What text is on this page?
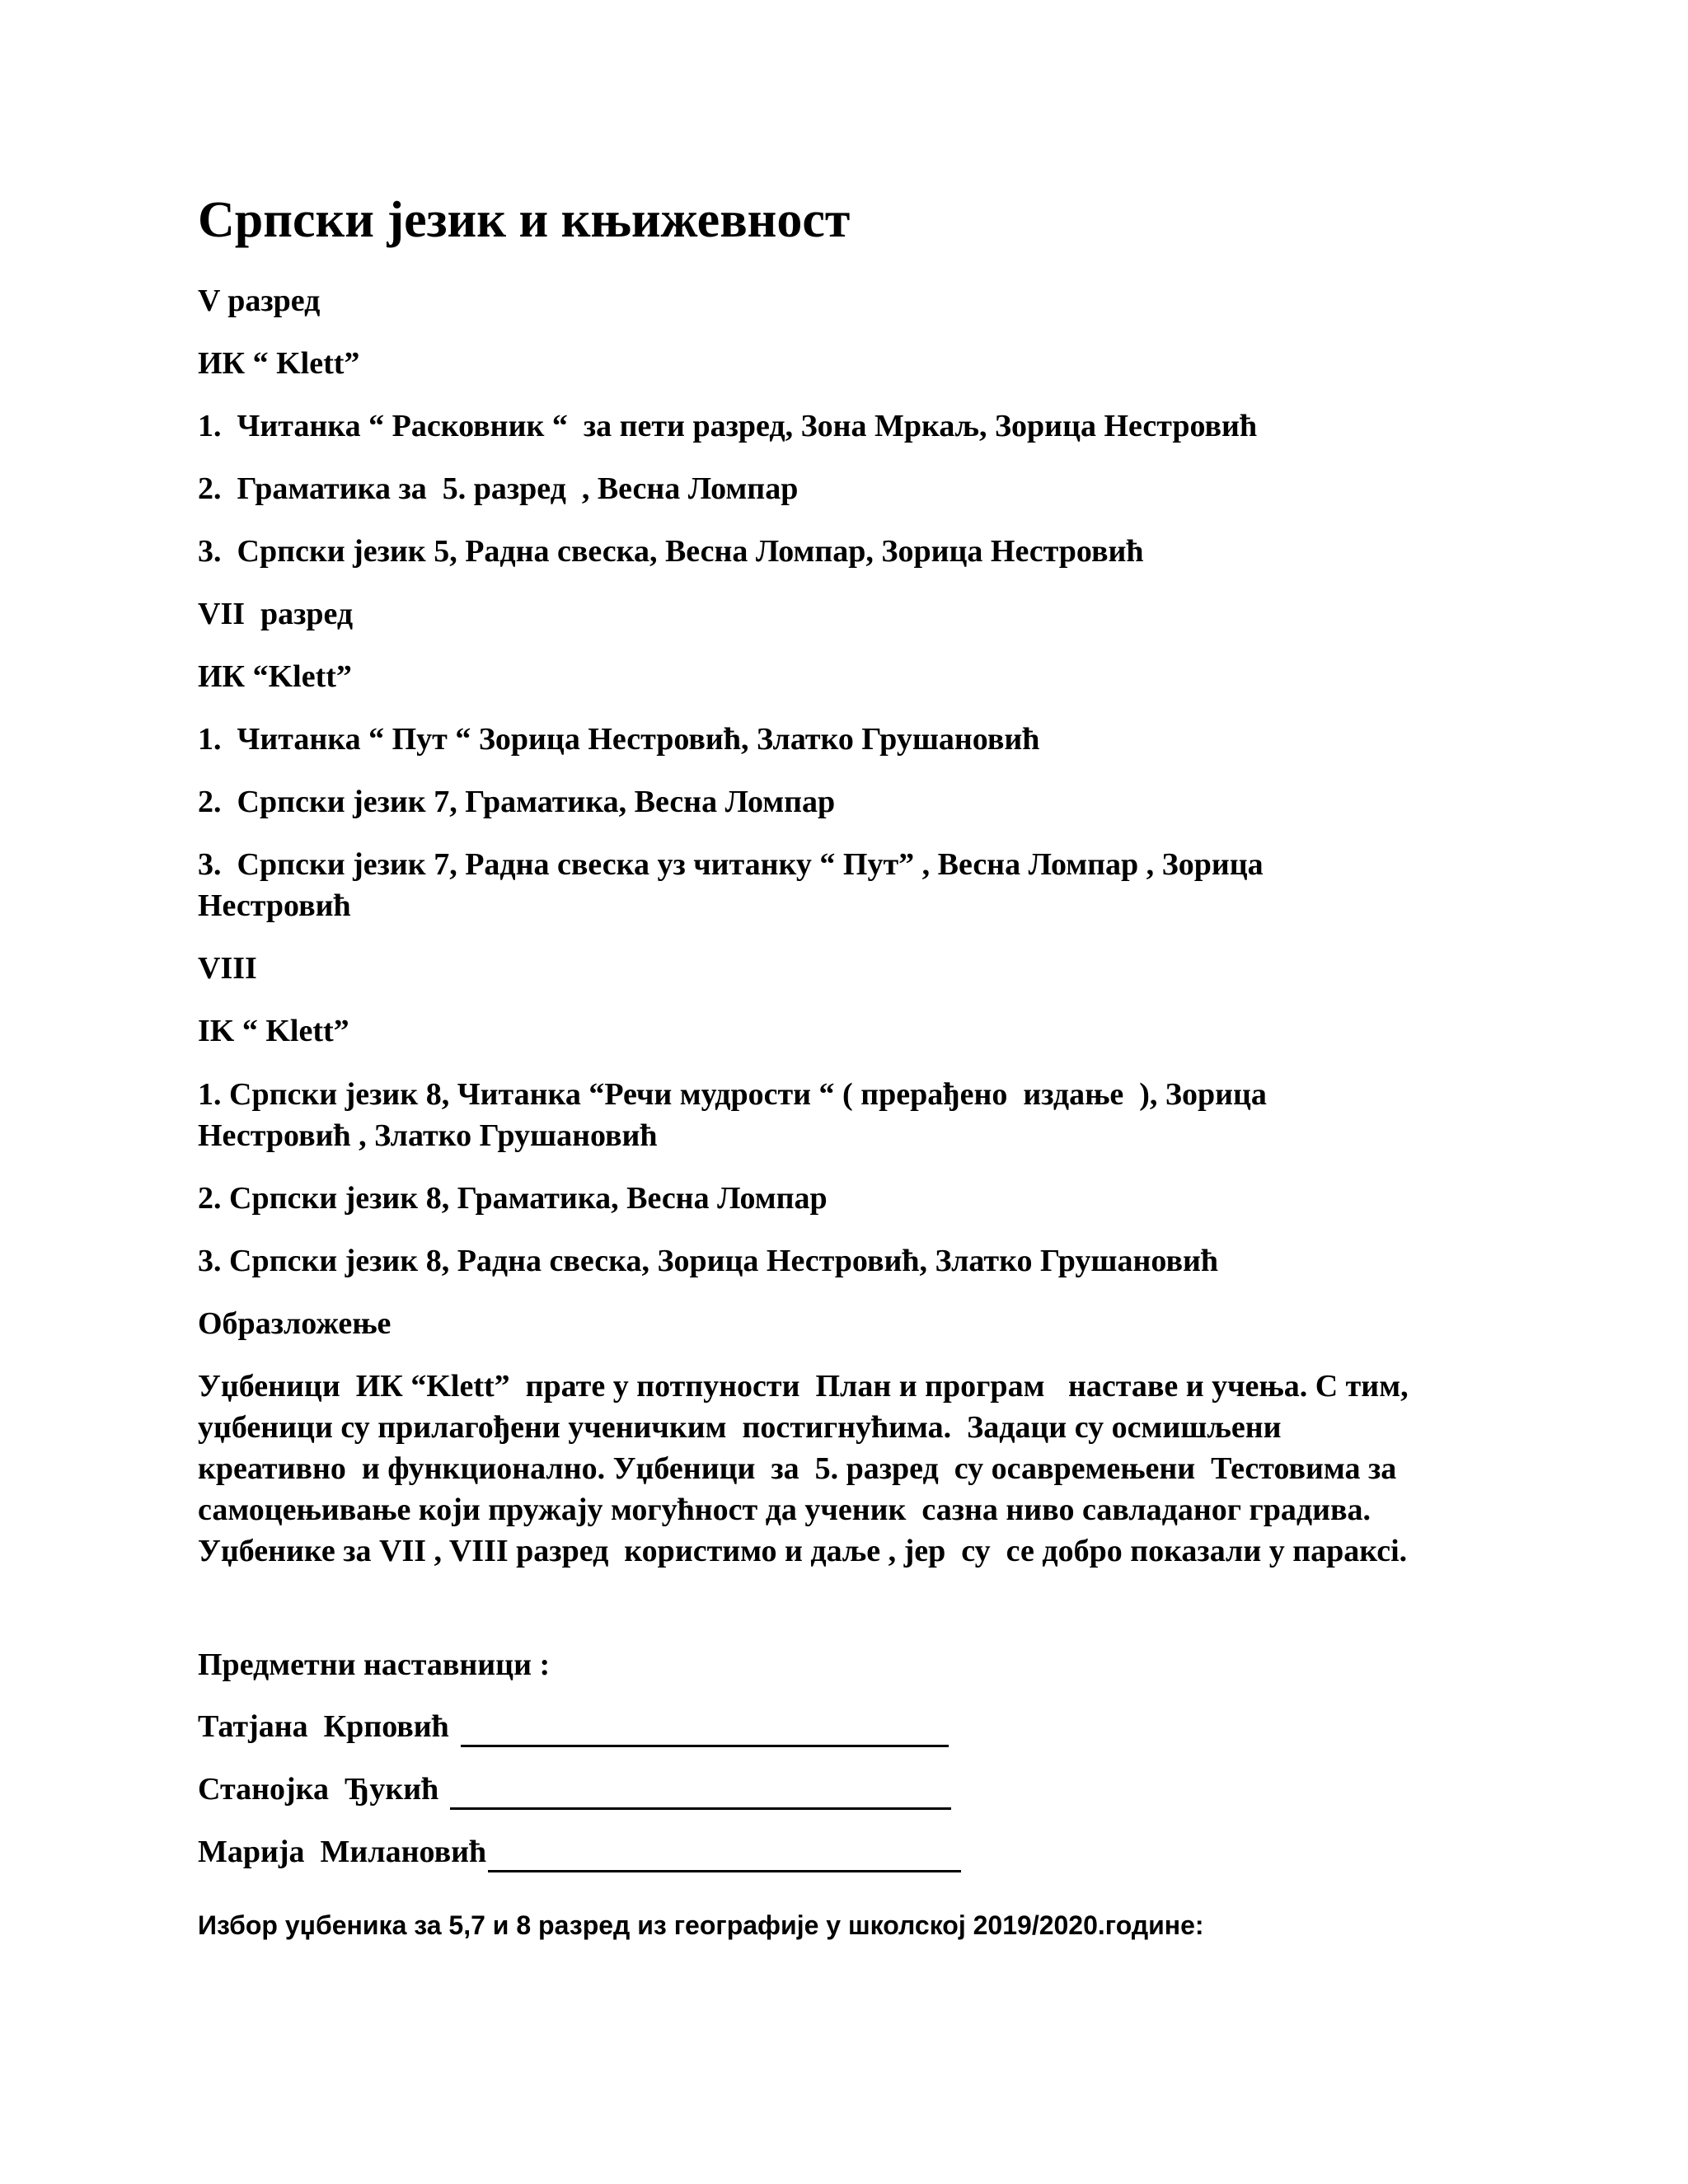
Српски језик и књижевност

V разред

ИК “ Klett”

1.  Читанка “ Расковник “  за пети разред, Зона Мркаљ, Зорица Нестровић

2.  Граматика за  5. разред  , Весна Ломпар

3.  Српски језик 5, Радна свеска, Весна Ломпар, Зорица Нестровић

VII  разред

ИК “Klett”

1.  Читанка “ Пут “ Зорица Нестровић, Златко Грушановић

2.  Српски језик 7, Граматика, Весна Ломпар

3.  Српски језик 7, Радна свеска уз читанку “ Пут” , Весна Ломпар , Зорица

Нестровић

VIII

IK “ Klett”

1. Српски језик 8, Читанка “Речи мудрости “ ( прерађено  издање  ), Зорица

Нестровић , Златко Грушановић

2. Српски језик 8, Граматика, Весна Ломпар

3. Српски језик 8, Радна свеска, Зорица Нестровић, Златко Грушановић

Образложење

Уџбеници  ИК “Klett”  прате у потпуности  План и програм   наставе и учења. С тим,

уџбеници су прилагођени ученичким  постигнућима.  Задаци су осмишљени

креативно  и функционално. Уџбеници  за  5. разред  су осавремењени  Тестовима за

самоцењивање који пружају могућност да ученик  сазна ниво савладаног градива.

Уџбенике за VII , VIII разред  користимо и даље , јер  су  се добро показали у параксi.

Предметни наставници :

Татјана  Крповић
Станојка  Ђукић
Марија  Милановић

Избор уџбеника за 5,7 и 8 разред из географије у школској 2019/2020.године:
